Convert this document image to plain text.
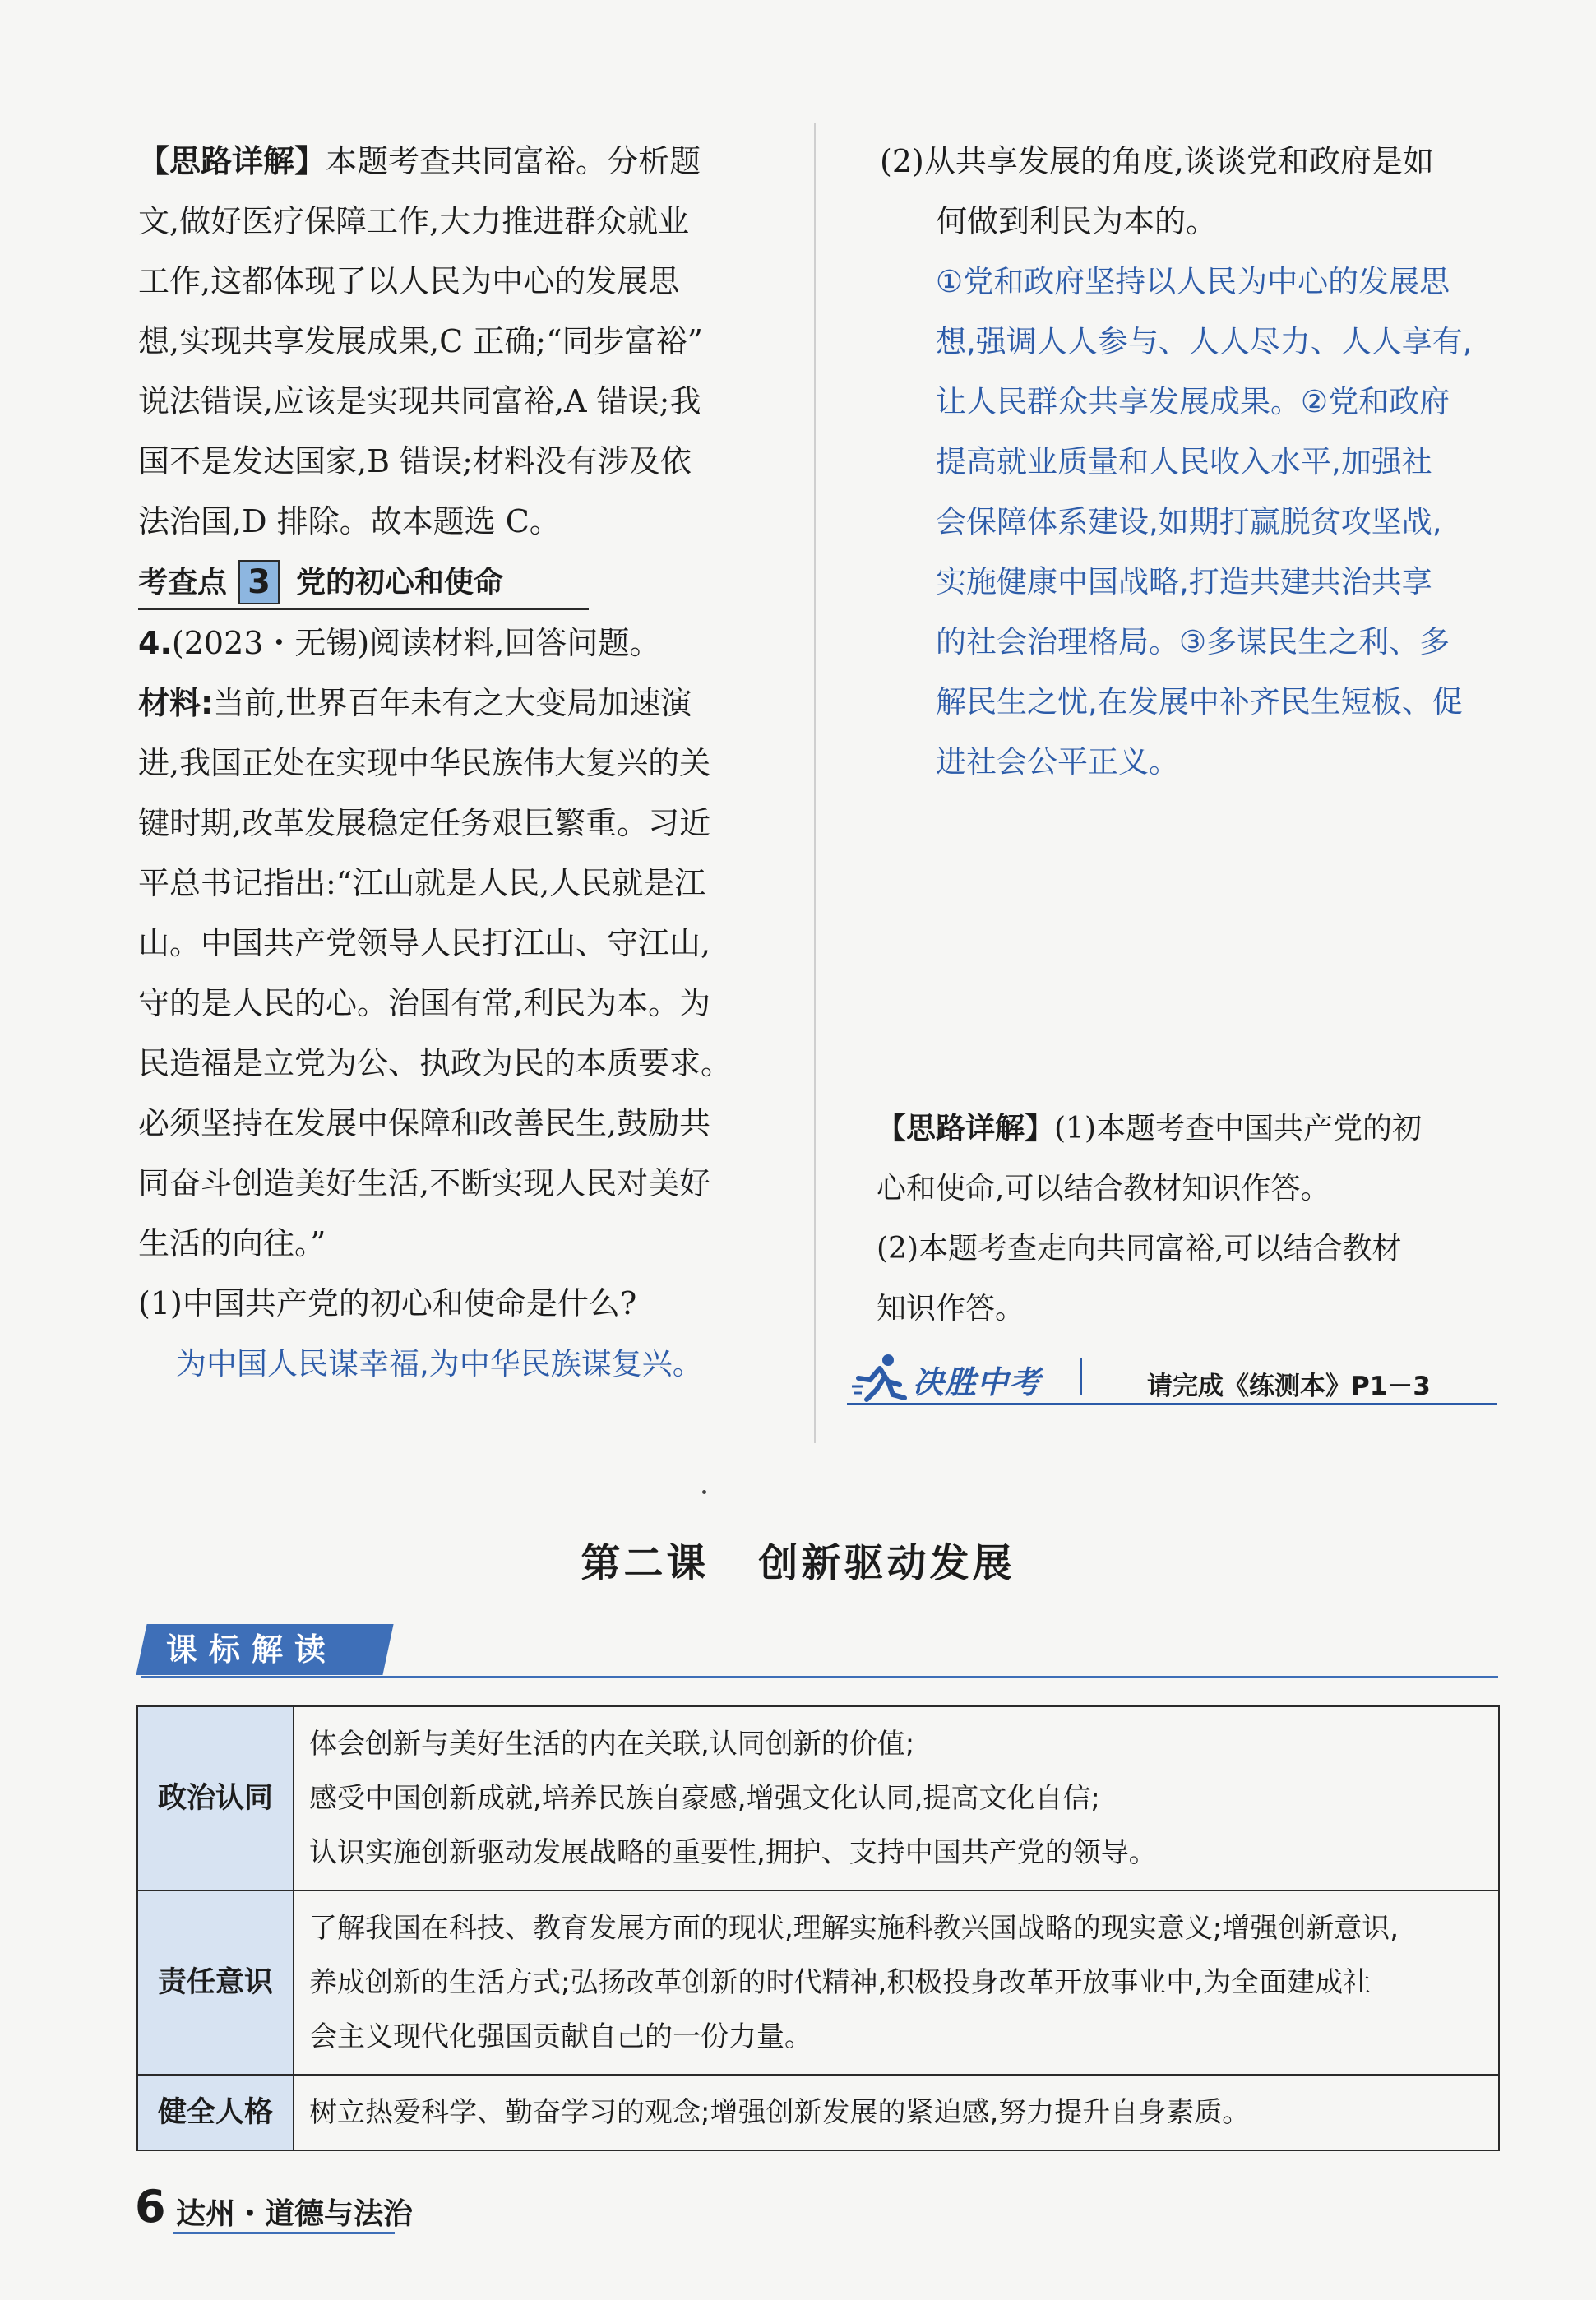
【思路详解】本题考查共同富裕。分析题

文,做好医疗保障工作,大力推进群众就业

工作,这都体现了以人民为中心的发展思

想,实现共享发展成果,C 正确;“同步富裕”

说法错误,应该是实现共同富裕,A 错误;我

国不是发达国家,B 错误;材料没有涉及依

法治国,D 排除。故本题选 C。

考查点 3 党的初心和使命

4.(2023・无锡)阅读材料,回答问题。

材料:当前,世界百年未有之大变局加速演

进,我国正处在实现中华民族伟大复兴的关

键时期,改革发展稳定任务艰巨繁重。习近

平总书记指出:“江山就是人民,人民就是江

山。中国共产党领导人民打江山、守江山,

守的是人民的心。治国有常,利民为本。为

民造福是立党为公、执政为民的本质要求。

必须坚持在发展中保障和改善民生,鼓励共

同奋斗创造美好生活,不断实现人民对美好

生活的向往。”

(1)中国共产党的初心和使命是什么?

为中国人民谋幸福,为中华民族谋复兴。

(2)从共享发展的角度,谈谈党和政府是如

何做到利民为本的。

①党和政府坚持以人民为中心的发展思

想,强调人人参与、人人尽力、人人享有,

让人民群众共享发展成果。②党和政府

提高就业质量和人民收入水平,加强社

会保障体系建设,如期打赢脱贫攻坚战,

实施健康中国战略,打造共建共治共享

的社会治理格局。③多谋民生之利、多

解民生之忧,在发展中补齐民生短板、促

进社会公平正义。

【思路详解】(1)本题考查中国共产党的初

心和使命,可以结合教材知识作答。

(2)本题考查走向共同富裕,可以结合教材

知识作答。

决胜中考	请完成《练测本》P1－3
第二课 创新驱动发展
课标解读
政治认同	体会创新与美好生活的内在关联,认同创新的价值;
感受中国创新成就,培养民族自豪感,增强文化认同,提高文化自信;
认识实施创新驱动发展战略的重要性,拥护、支持中国共产党的领导。

责任意识	了解我国在科技、教育发展方面的现状,理解实施科教兴国战略的现实意义;增强创新意识,
养成创新的生活方式;弘扬改革创新的时代精神,积极投身改革开放事业中,为全面建成社
会主义现代化强国贡献自己的一份力量。

健全人格	树立热爱科学、勤奋学习的观念;增强创新发展的紧迫感,努力提升自身素质。
6 达州・道德与法治
